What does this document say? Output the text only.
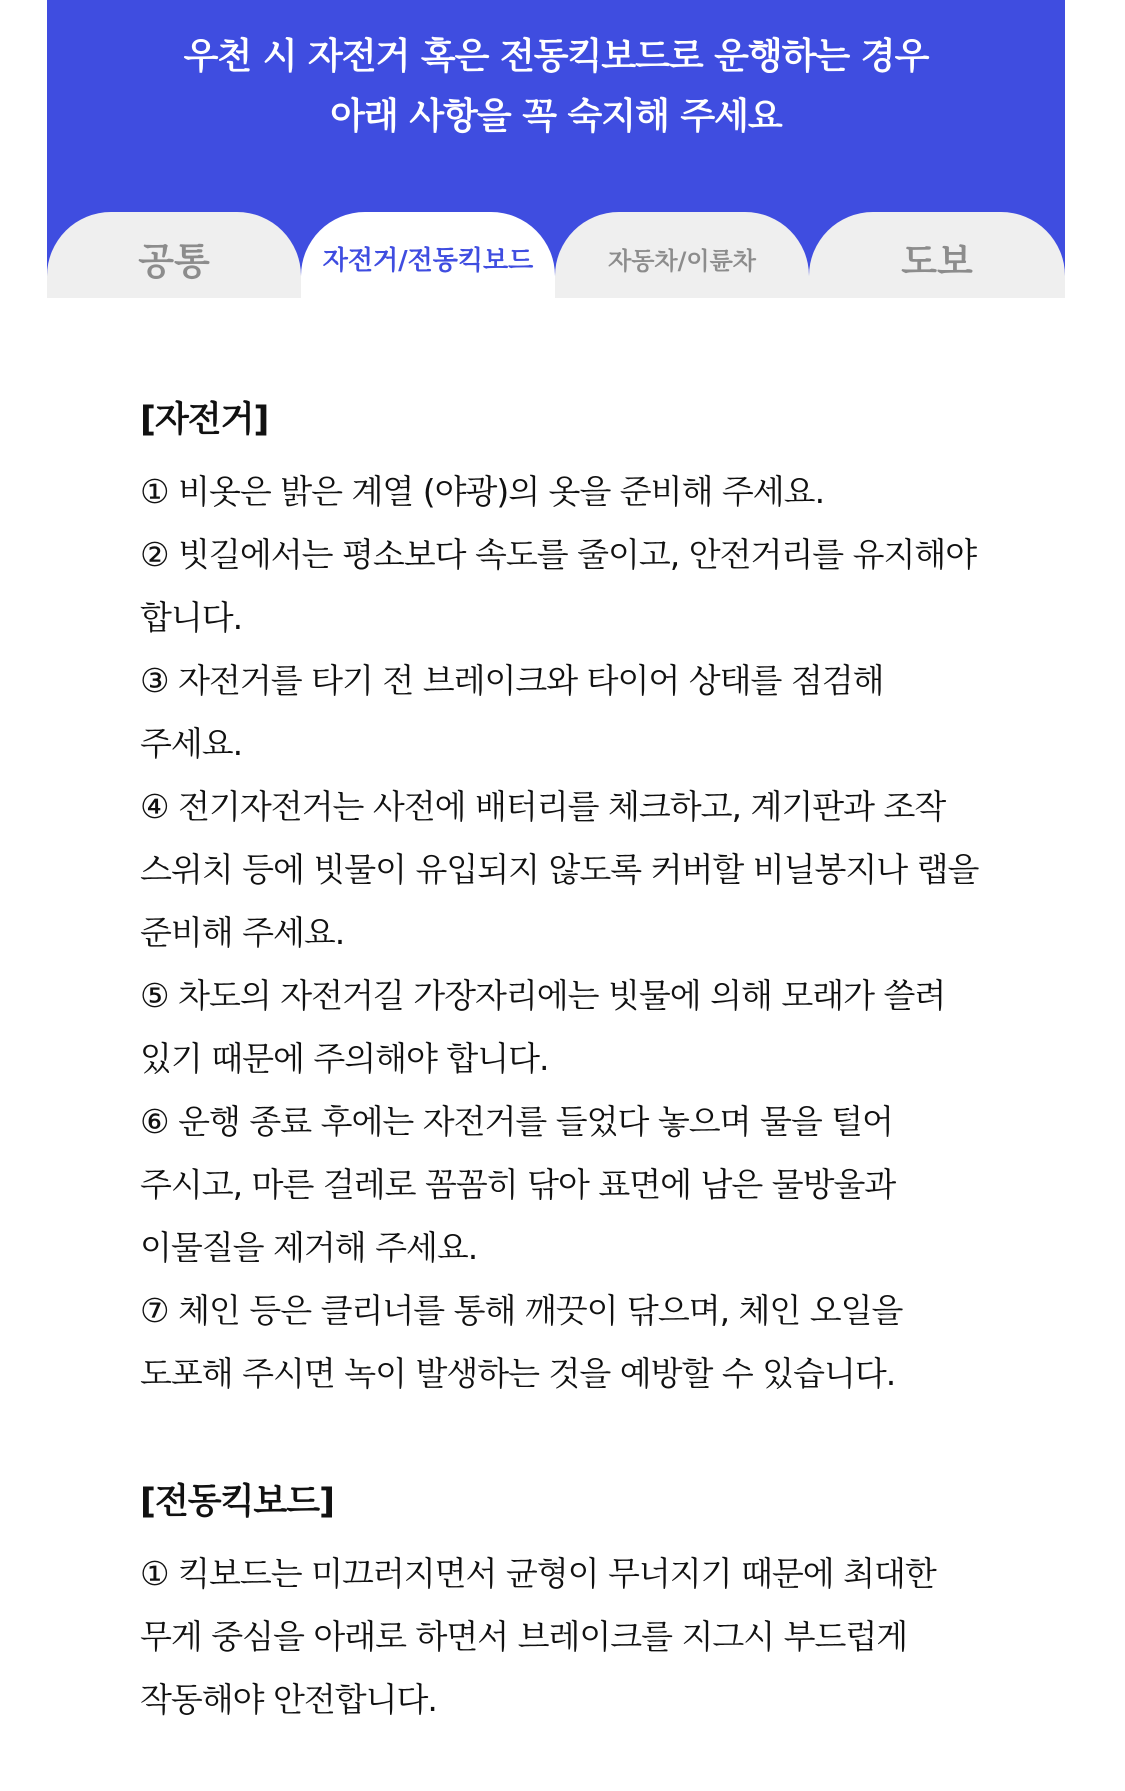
우천 시 자전거 혹은 전동킥보드로 운행하는 경우
아래 사항을 꼭 숙지해 주세요
공통	자전거/전동킥보드	자동차/이륜차	도보
[자전거]
① 비옷은 밝은 계열 (야광)의 옷을 준비해 주세요.
② 빗길에서는 평소보다 속도를 줄이고, 안전거리를 유지해야
합니다.
③ 자전거를 타기 전 브레이크와 타이어 상태를 점검해
주세요.
④ 전기자전거는 사전에 배터리를 체크하고, 계기판과 조작
스위치 등에 빗물이 유입되지 않도록 커버할 비닐봉지나 랩을
준비해 주세요.
⑤ 차도의 자전거길 가장자리에는 빗물에 의해 모래가 쓸려
있기 때문에 주의해야 합니다.
⑥ 운행 종료 후에는 자전거를 들었다 놓으며 물을 털어
주시고, 마른 걸레로 꼼꼼히 닦아 표면에 남은 물방울과
이물질을 제거해 주세요.
⑦ 체인 등은 클리너를 통해 깨끗이 닦으며, 체인 오일을
도포해 주시면 녹이 발생하는 것을 예방할 수 있습니다.
[전동킥보드]
① 킥보드는 미끄러지면서 균형이 무너지기 때문에 최대한
무게 중심을 아래로 하면서 브레이크를 지그시 부드럽게
작동해야 안전합니다.
